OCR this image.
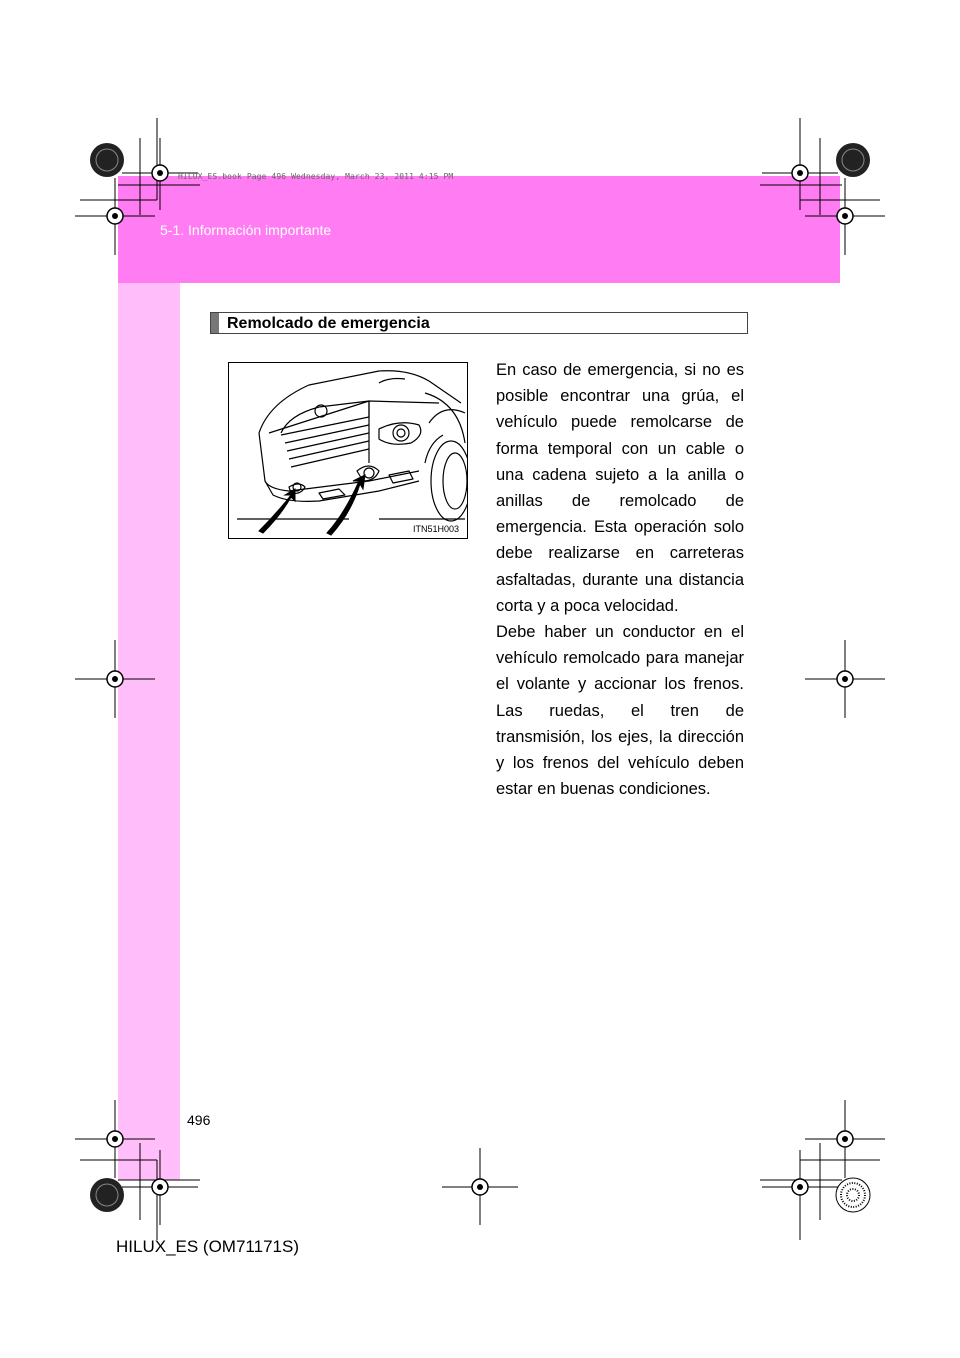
5-1. Información importante
HILUX_ES.book Page 496 Wednesday, March 23, 2011 4:15 PM
Remolcado de emergencia
ITN51H003

En caso de emergencia, si no es posible encontrar una grúa, el vehículo puede remolcarse de forma temporal con un cable o una cadena sujeto a la anilla o anillas de remolcado de emergencia. Esta operación solo debe realizarse en carreteras asfaltadas, durante una distancia corta y a poca velocidad.

Debe haber un conductor en el vehículo remolcado para manejar el volante y accionar los frenos. Las ruedas, el tren de transmisión, los ejes, la dirección y los frenos del vehículo deben estar en buenas condiciones.

496
HILUX_ES (OM71171S)
